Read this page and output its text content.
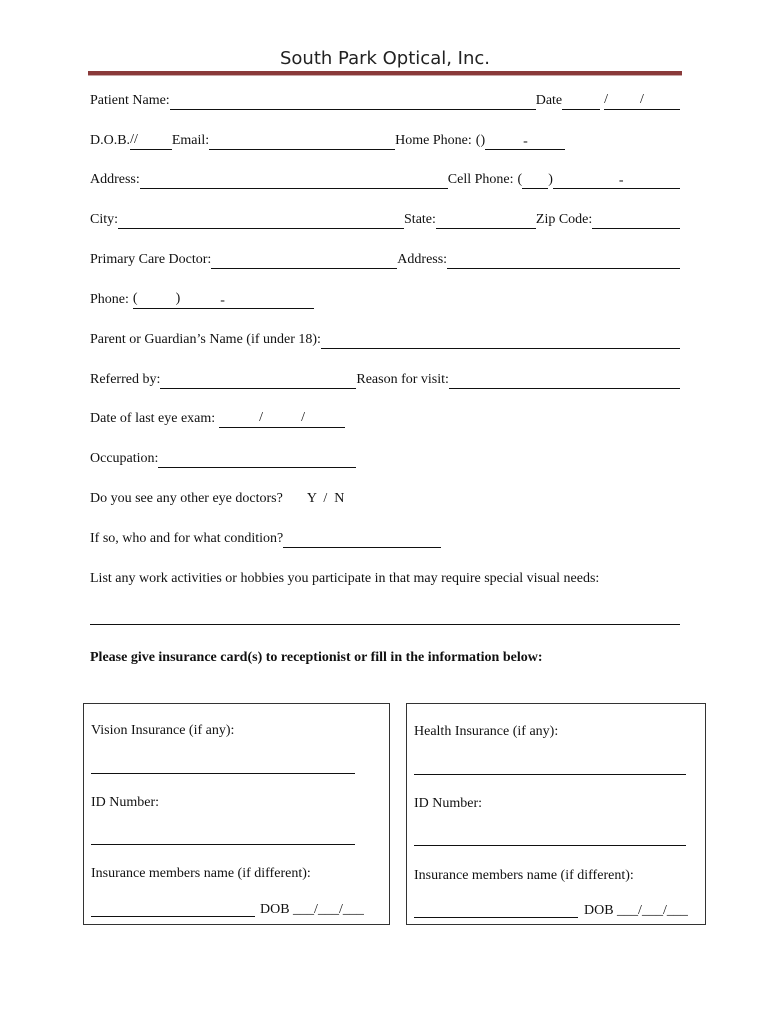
South Park Optical, Inc.
Patient Name:	Date	/ /
D.O.B. // Email:	Home Phone: ()	-
Address:	Cell Phone: ( )	-
City:	State:	Zip Code:
Primary Care Doctor:	Address:
Phone: (	)	-
Parent or Guardian’s Name (if under 18):
Referred by:	Reason for visit:
Date of last eye exam:	/	/
Occupation:
Do you see any other eye doctors? Y  /  N
If so, who and for what condition?
List any work activities or hobbies you participate in that may require special visual needs:
Please give insurance card(s) to receptionist or fill in the information below:
Vision Insurance (if any):
ID Number:
Insurance members name (if different):
DOB ___/___/___
Health Insurance (if any):
ID Number:
Insurance members name (if different):
DOB ___/___/___
